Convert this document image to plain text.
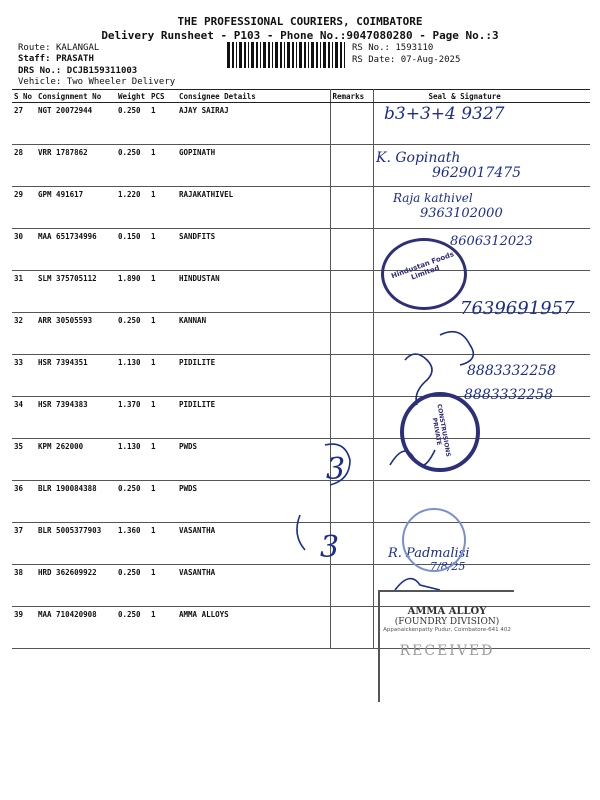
THE PROFESSIONAL COURIERS, COIMBATORE
Delivery Runsheet - P103 - Phone No.:9047080280 - Page No.:3
Route: KALANGAL
Staff: PRASATH
DRS No.: DCJB159311003
Vehicle: Two Wheeler Delivery
RS No.: 1593110
RS Date: 07-Aug-2025
S No	Consignment No	Weight	PCS	Consignee Details	Remarks	Seal & Signature
27	NGT 20072944	0.250	1	AJAY SAIRAJ		
28	VRR 1787862	0.250	1	GOPINATH		
29	GPM 491617	1.220	1	RAJAKATHIVEL		
30	MAA 651734996	0.150	1	SANDFITS		
31	SLM 375705112	1.890	1	HINDUSTAN		
32	ARR 30505593	0.250	1	KANNAN		
33	HSR 7394351	1.130	1	PIDILITE		
34	HSR 7394383	1.370	1	PIDILITE		
35	KPM 262000	1.130	1	PWDS		
36	BLR 190084388	0.250	1	PWDS		
37	BLR 5005377903	1.360	1	VASANTHA		
38	HRD 362609922	0.250	1	VASANTHA		
39	MAA 710420908	0.250	1	AMMA ALLOYS		
b3+3+4 9327
K. Gopinath
9629017475
Raja kathivel
9363102000
8606312023
7639691957
8883332258
8883332258
3
3	R. Padmalisi
7/8/25
Hindustan Foods Limited
CONSTRUSIONS PRIVATE
AMMA ALLOY
(FOUNDRY DIVISION)
Appanaickenpatty Pudur, Coimbatore-641 402
RECEIVED
